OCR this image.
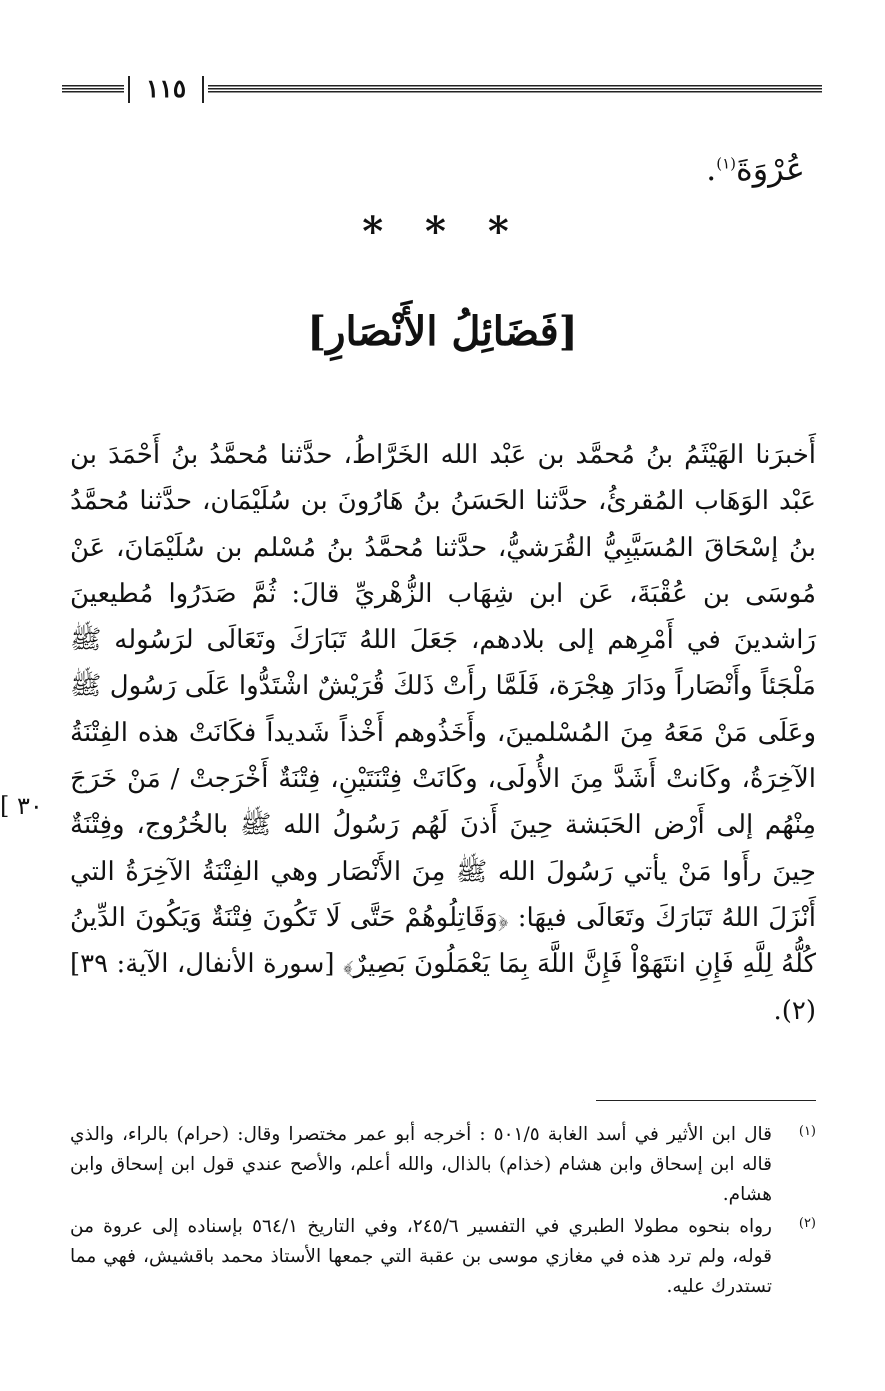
١١٥
عُرْوَةَ$^{(١)}$.
* * *
[فَضَائِلُ الأَنْصَارِ]
[ ٣٠
أَخبرَنا الهَيْثَمُ بنُ مُحمَّد بن عَبْد الله الخَرَّاطُ، حدَّثنا مُحمَّدُ بنُ أَحْمَدَ بن عَبْد الوَهَاب المُقرئُ، حدَّثنا الحَسَنُ بنُ هَارُونَ بن سُلَيْمَان، حدَّثنا مُحمَّدُ بنُ إسْحَاقَ المُسَيَّبِيُّ القُرَشيُّ، حدَّثنا مُحمَّدُ بنُ مُسْلم بن سُلَيْمَانَ، عَنْ مُوسَى بن عُقْبَةَ، عَن ابن شِهَاب الزُّهْريِّ قالَ: ثُمَّ صَدَرُوا مُطيعينَ رَاشدينَ في أَمْرِهم إلى بلادهم، جَعَلَ اللهُ تَبَارَكَ وتَعَالَى لرَسُوله ﷺ مَلْجَئاً وأَنْصَاراً ودَارَ هِجْرَة، فَلَمَّا رأَتْ ذَلكَ قُرَيْشٌ اشْتَدُّوا عَلَى رَسُول ﷺ وعَلَى مَنْ مَعَهُ مِنَ المُسْلمينَ، وأَخَذُوهم أَخْذاً شَديداً فكَانَتْ هذه الفِتْنَةُ الآخِرَةُ، وكَانتْ أَشَدَّ مِنَ الأُولَى، وكَانَتْ فِتْنَتَيْنِ، فِتْنَةٌ أَخْرَجتْ / مَنْ خَرَجَ مِنْهُم إلى أَرْض الحَبَشة حِينَ أَذنَ لَهُم رَسُولُ الله ﷺ بالخُرُوج، وفِتْنَةٌ حِينَ رأَوا مَنْ يأتي رَسُولَ الله ﷺ مِنَ الأَنْصَار وهي الفِتْنَةُ الآخِرَةُ التي أَنْزَلَ اللهُ تَبَارَكَ وتَعَالَى فيهَا: ﴿وَقَاتِلُوهُمْ حَتَّى لَا تَكُونَ فِتْنَةٌ وَيَكُونَ الدِّينُ كُلُّهُ لِلَّهِ فَإِنِ انتَهَوْاْ فَإِنَّ اللَّهَ بِمَا يَعْمَلُونَ بَصِيرٌ﴾ [سورة الأنفال، الآية: ٣٩] (٢).
(١)
قال ابن الأثير في أسد الغابة ٥٠١/٥ : أخرجه أبو عمر مختصرا وقال: (حرام) بالراء، والذي قاله ابن إسحاق وابن هشام (خذام) بالذال، والله أعلم، والأصح عندي قول ابن إسحاق وابن هشام.
(٢)
رواه بنحوه مطولا الطبري في التفسير ٢٤٥/٦، وفي التاريخ ٥٦٤/١ بإسناده إلى عروة من قوله، ولم ترد هذه في مغازي موسى بن عقبة التي جمعها الأستاذ محمد باقشيش، فهي مما تستدرك عليه.
